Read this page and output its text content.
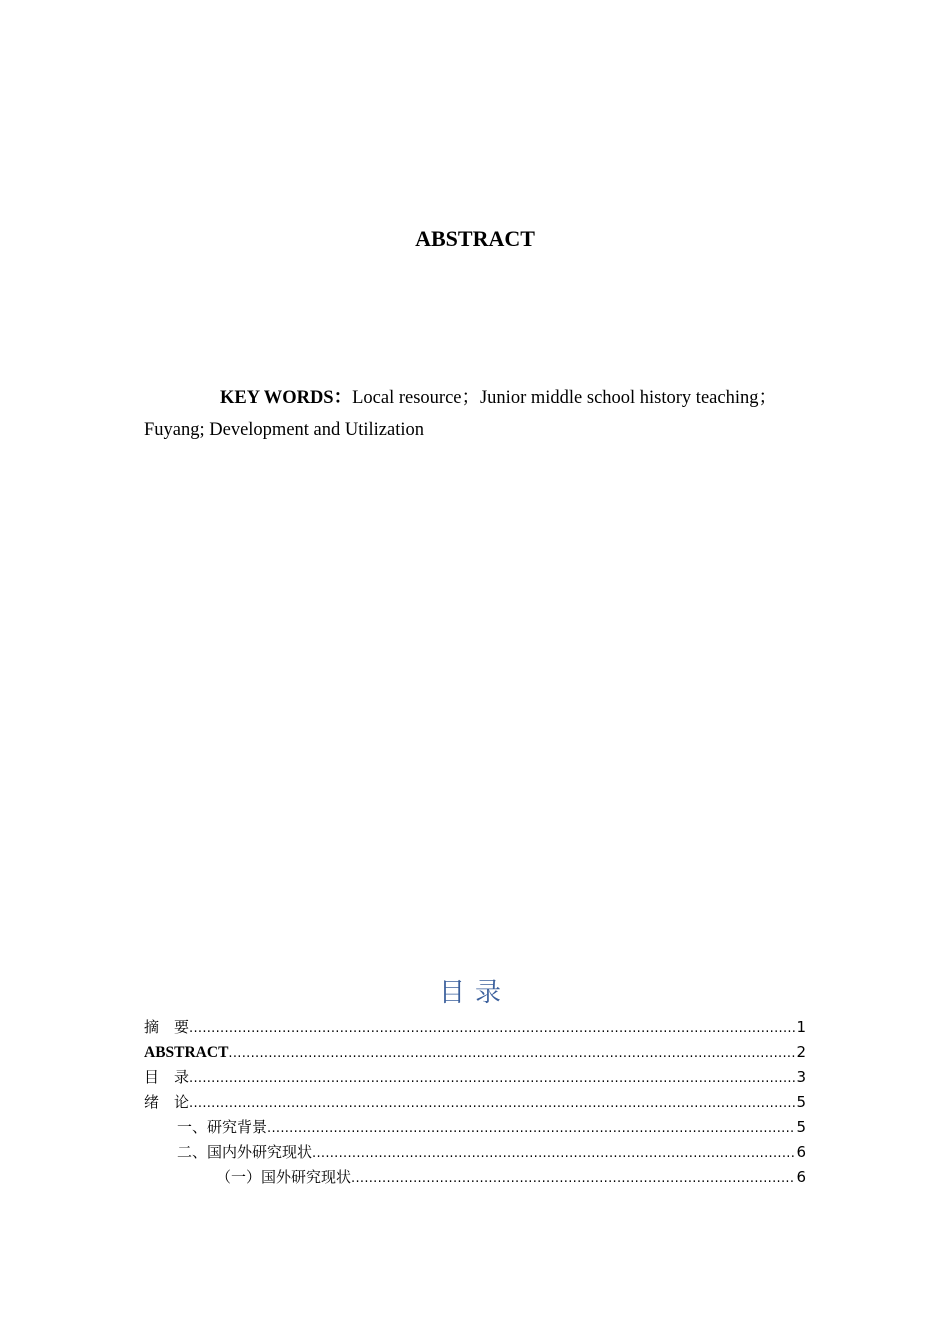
ABSTRACT
KEY WORDS：Local resource；Junior middle school history teaching；
Fuyang; Development and Utilization
目录
摘　要 .....	1
ABSTRACT .....	2
目　录 .....	3
绪　论 .....	5
一、研究背景 .....	5
二、国内外研究现状 .....	6
（一）国外研究现状 .....	6
